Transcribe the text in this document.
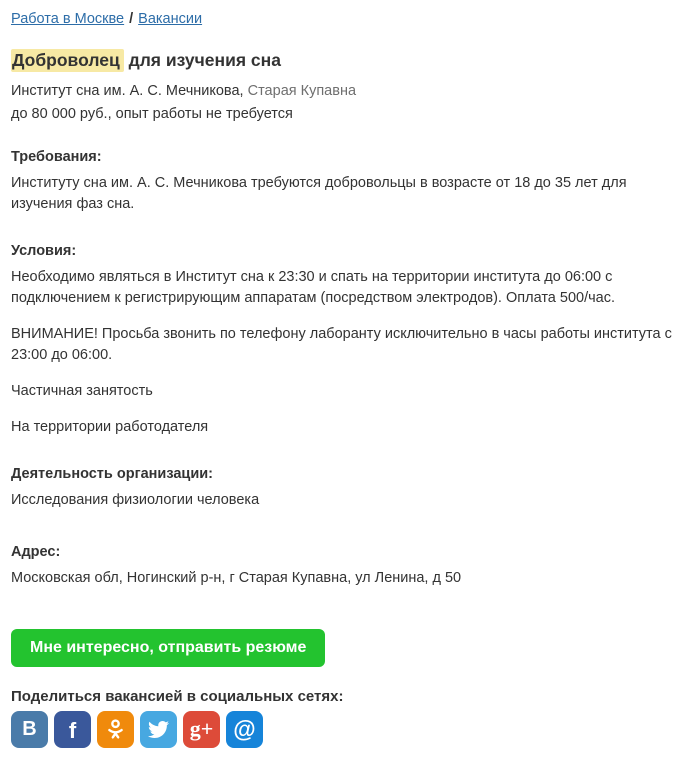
Работа в Москве / Вакансии
Доброволец для изучения сна
Институт сна им. А. С. Мечникова, Старая Купавна
до 80 000 руб., опыт работы не требуется
Требования:

Институту сна им. А. С. Мечникова требуются добровольцы в возрасте от 18 до 35 лет для изучения фаз сна.

Условия:

Необходимо являться в Институт сна к 23:30 и спать на территории института до 06:00 с подключением к регистрирующим аппаратам (посредством электродов). Оплата 500/час.

ВНИМАНИЕ! Просьба звонить по телефону лаборанту исключительно в часы работы института с 23:00 до 06:00.

Частичная занятость

На территории работодателя

Деятельность организации:

Исследования физиологии человека

Адрес:

Московская обл, Ногинский р-н, г Старая Купавна, ул Ленина, д 50

Мне интересно, отправить резюме
Поделиться вакансией в социальных сетях:
В f	g+ @
